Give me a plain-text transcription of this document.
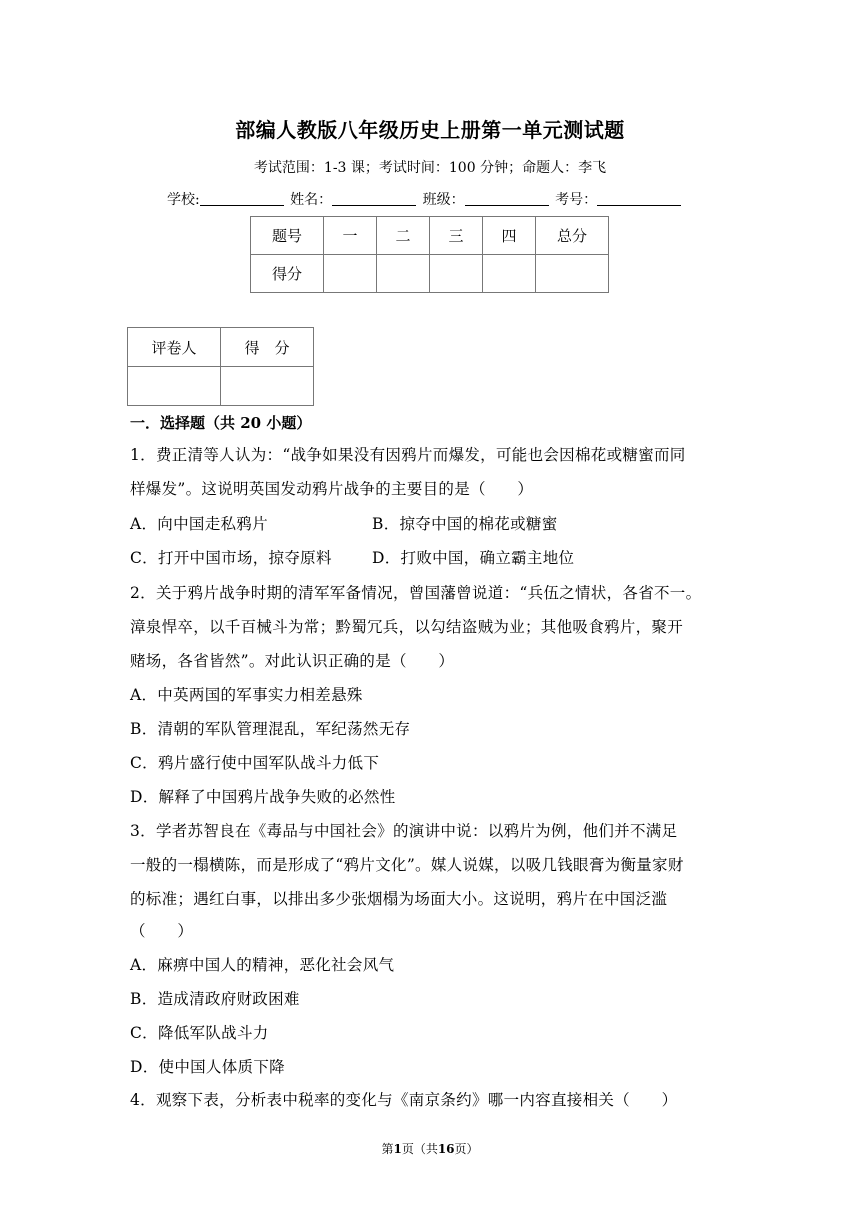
部编人教版八年级历史上册第一单元测试题
考试范围：1-3 课；考试时间：100 分钟；命题人：李飞
学校:	姓名：	班级：	考号：
题号	一	二	三	四	总分
得分					
评卷人	得　分

一．选择题（共 20 小题）
1．费正清等人认为：“战争如果没有因鸦片而爆发，可能也会因棉花或糖蜜而同
样爆发”。这说明英国发动鸦片战争的主要目的是（　　）
A．向中国走私鸦片	B．掠夺中国的棉花或糖蜜
C．打开中国市场，掠夺原料	D．打败中国，确立霸主地位
2．关于鸦片战争时期的清军军备情况，曾国藩曾说道：“兵伍之情状，各省不一。
漳泉悍卒，以千百械斗为常；黔蜀冗兵，以勾结盗贼为业；其他吸食鸦片，聚开
赌场，各省皆然”。对此认识正确的是（　　）
A．中英两国的军事实力相差悬殊
B．清朝的军队管理混乱，军纪荡然无存
C．鸦片盛行使中国军队战斗力低下
D．解释了中国鸦片战争失败的必然性
3．学者苏智良在《毒品与中国社会》的演讲中说：以鸦片为例，他们并不满足
一般的一榻横陈，而是形成了“鸦片文化”。媒人说媒，以吸几钱眼膏为衡量家财
的标准；遇红白事，以排出多少张烟榻为场面大小。这说明，鸦片在中国泛滥
（　　）
A．麻痹中国人的精神，恶化社会风气
B．造成清政府财政困难
C．降低军队战斗力
D．使中国人体质下降
4．观察下表，分析表中税率的变化与《南京条约》哪一内容直接相关（　　）
第1页（共16页）
